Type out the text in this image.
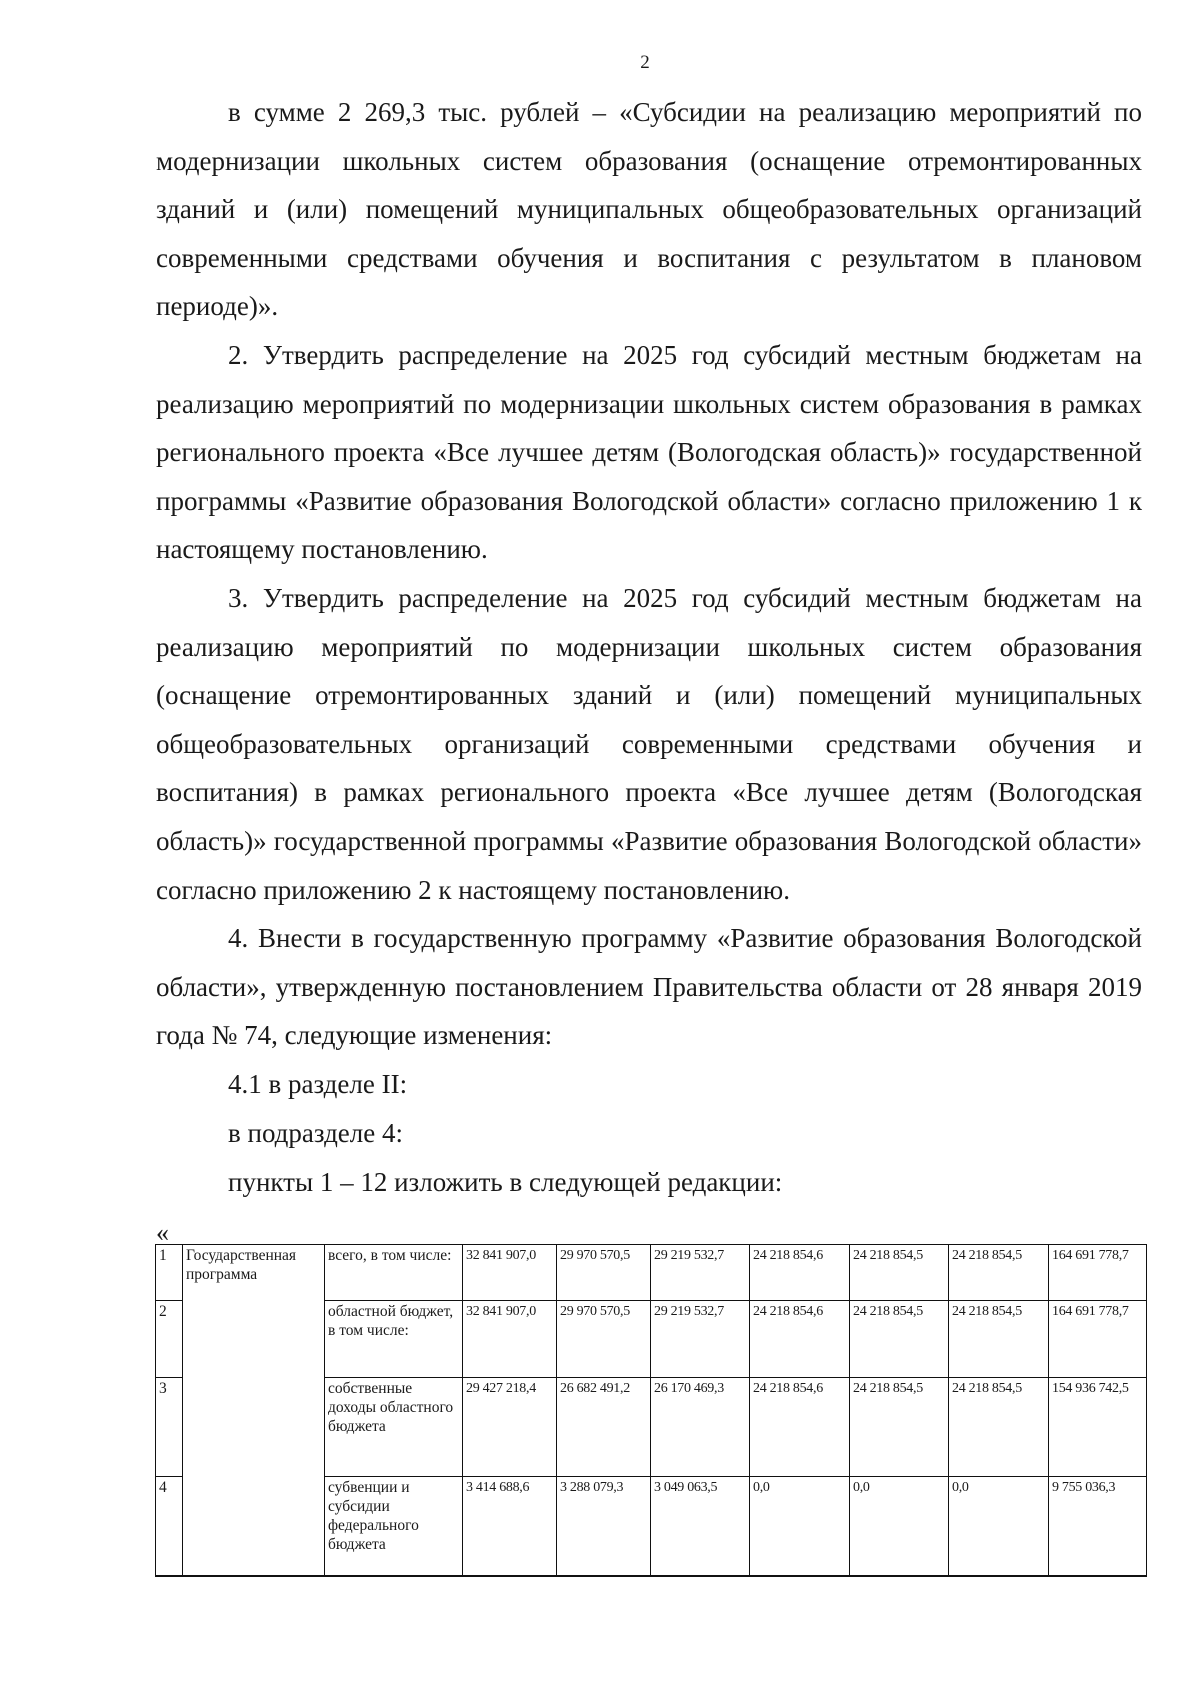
2

в сумме 2 269,3 тыс. рублей – «Субсидии на реализацию мероприятий по модернизации школьных систем образования (оснащение отремонтированных зданий и (или) помещений муниципальных общеобразовательных организаций современными средствами обучения и воспитания с результатом в плановом периоде)».

2. Утвердить распределение на 2025 год субсидий местным бюджетам на реализацию мероприятий по модернизации школьных систем образования в рамках регионального проекта «Все лучшее детям (Вологодская область)» государственной программы «Развитие образования Вологодской области» согласно приложению 1 к настоящему постановлению.

3. Утвердить распределение на 2025 год субсидий местным бюджетам на реализацию мероприятий по модернизации школьных систем образования (оснащение отремонтированных зданий и (или) помещений муниципальных общеобразовательных организаций современными средствами обучения и воспитания) в рамках регионального проекта «Все лучшее детям (Вологодская область)» государственной программы «Развитие образования Вологодской области» согласно приложению 2 к настоящему постановлению.

4. Внести в государственную программу «Развитие образования Вологодской области», утвержденную постановлением Правительства области от 28 января 2019 года № 74, следующие изменения:

4.1 в разделе II:

в подразделе 4:

пункты 1 – 12 изложить в следующей редакции:

«
1	Государственная программа	всего, в том числе:	32 841 907,0	29 970 570,5	29 219 532,7	24 218 854,6	24 218 854,5	24 218 854,5	164 691 778,7
2		областной бюджет, в том числе:	32 841 907,0	29 970 570,5	29 219 532,7	24 218 854,6	24 218 854,5	24 218 854,5	164 691 778,7
3		собственные доходы областного бюджета	29 427 218,4	26 682 491,2	26 170 469,3	24 218 854,6	24 218 854,5	24 218 854,5	154 936 742,5
4		субвенции и субсидии федерального бюджета	3 414 688,6	3 288 079,3	3 049 063,5	0,0	0,0	0,0	9 755 036,3
